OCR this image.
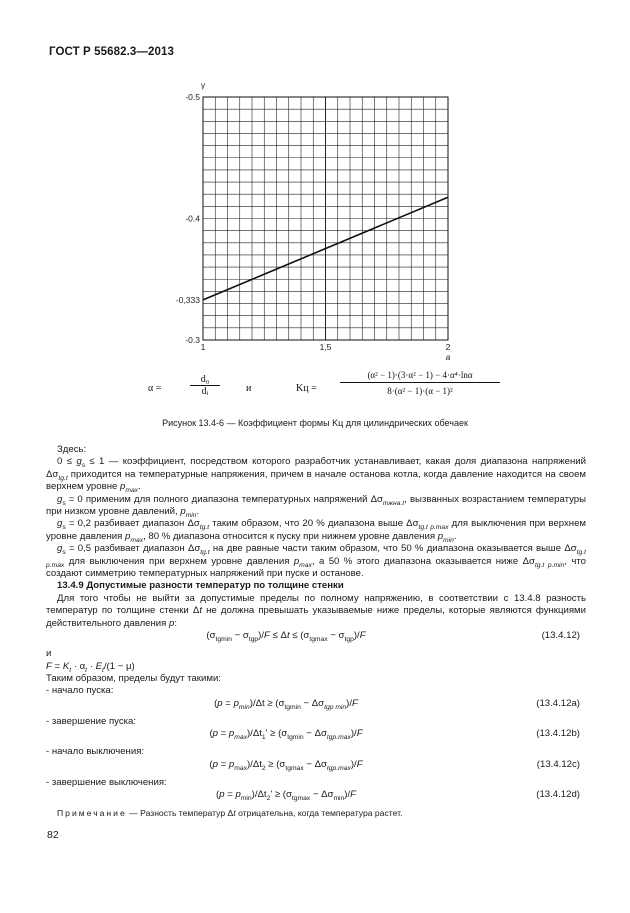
ГОСТ Р 55682.3—2013
-0.5
-0.4
-0,333
-0.3
1	1,5	2
γ
a
α =	$\frac{\text{d₀}}{\text{dᵢ}}$	и	Kц =	$\frac{\text{(α² − 1)·(3·α² − 1) − 4·α⁴·lnα}}{\text{8·(α² − 1)·(α − 1)²}}$
Рисунок 13.4-6 — Коэффициент формы Kц для цилиндрических обечаек

Здесь:

$0 \le g_s \le 1$ — коэффициент, посредством которого разработчик устанавливает, какая доля диапазона напряжений $\Delta\sigma_{tg.t}$ приходится на температурные напряжения, причем в начале останова котла, когда давление находится на своем верхнем уровне $p_{max}$.

$g_s = 0$ применим для полного диапазона температурных напряжений $\Delta\sigma_{тжна.t}$, вызванных возрастанием температуры при низком уровне давлений, $p_{min}$.

$g_s = 0,2$ разбивает диапазон $\Delta\sigma_{tg.t}$ таким образом, что 20 % диапазона выше $\Delta\sigma_{tg.t p.max}$ для выключения при верхнем уровне давления $p_{max}$, 80 % диапазона относится к пуску при нижнем уровне давления $p_{min}$.

$g_s = 0,5$ разбивает диапазон $\Delta\sigma_{tg.t}$ на две равные части таким образом, что 50 % диапазона оказывается выше $\Delta\sigma_{tg.t p.max}$ для выключения при верхнем уровне давления $p_{max}$, а 50 % этого диапазона оказывается ниже $\Delta\sigma_{tg.t p.min}$, что создают симметрию температурных напряжений при пуске и останове.

13.4.9 Допустимые разности температур по толщине стенки

Для того чтобы не выйти за допустимые пределы по полному напряжению, в соответствии с 13.4.8 разность температур по толщине стенки Δt не должна превышать указываемые ниже пределы, которые являются функциями действительного давления p:

$(\sigma_{tgmin} - \sigma_{tgp})/F \le \Delta t \le (\sigma_{tgmax} - \sigma_{tgp})/F$	(13.4.12)

и

$F = K_t \cdot \alpha_t \cdot E_t/(1 - \mu)$

Таким образом, пределы будут такими:

- начало пуска:

$(p = p_{min})/\Delta t \ge (\sigma_{tgmin} - \Delta\sigma_{tgp min})/F$	(13.4.12a)

- завершение пуска:

$(p = p_{max})/\Delta t_1' \ge (\sigma_{tgmin} - \Delta\sigma_{tgp.max})/F$	(13.4.12b)

- начало выключения:

$(p = p_{max})/\Delta t_2 \ge (\sigma_{tgmax} - \Delta\sigma_{tgp.max})/F$	(13.4.12c)

- завершение выключения:

$(p = p_{min})/\Delta t_2' \ge (\sigma_{tgmax} - \Delta\sigma_{min})/F$	(13.4.12d)

Примечание — Разность температур Δt отрицательна, когда температура растет.

82
